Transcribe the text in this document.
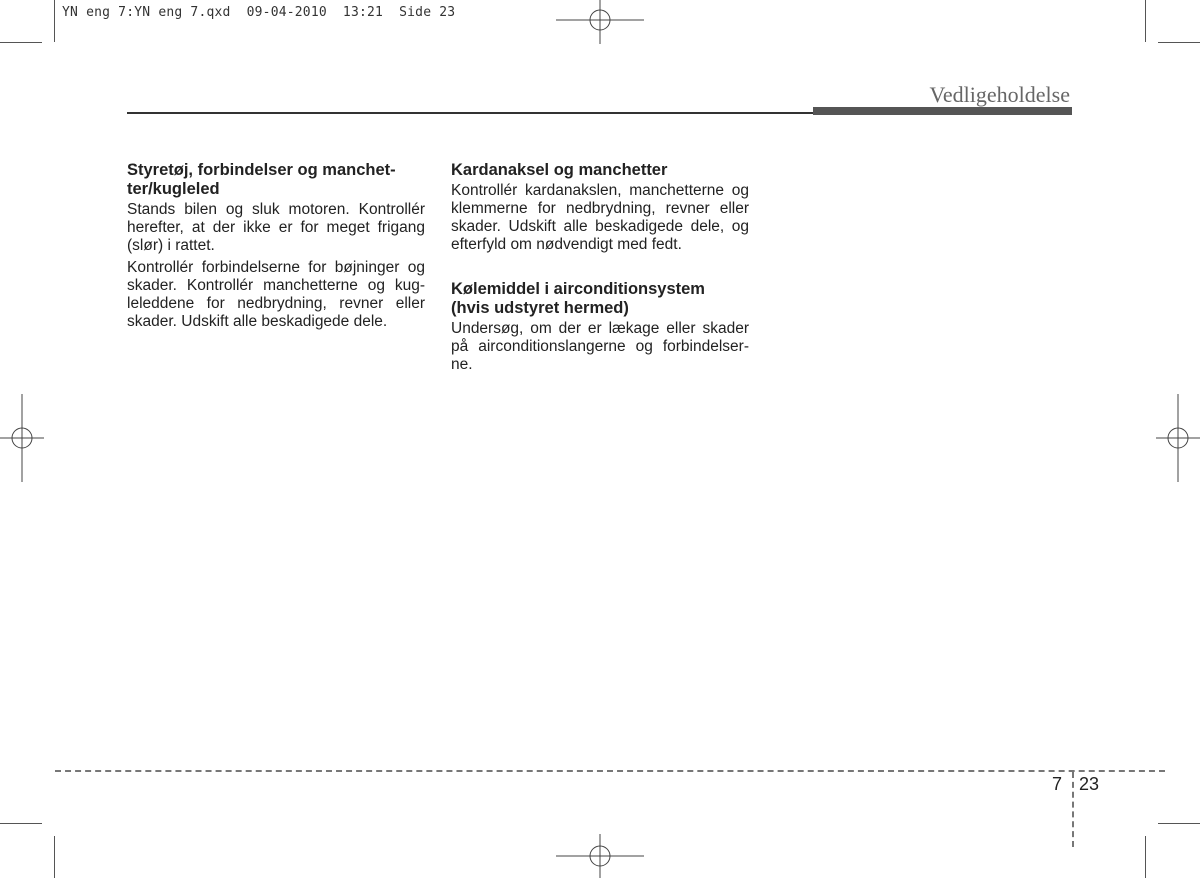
YN eng 7:YN eng 7.qxd  09-04-2010  13:21  Side 23
Vedligeholdelse
Styretøj, forbindelser og manchet-
ter/kugleled

Stands bilen og sluk motoren. Kontrollér herefter, at der ikke er for meget frigang (slør) i rattet.

Kontrollér forbindelserne for bøjninger og skader. Kontrollér manchetterne og kug-leleddene for nedbrydning, revner eller skader. Udskift alle beskadigede dele.

Kardanaksel og manchetter

Kontrollér kardanakslen, manchetterne og klemmerne for nedbrydning, revner eller skader. Udskift alle beskadigede dele, og efterfyld om nødvendigt med fedt.

Kølemiddel i airconditionsystem
(hvis udstyret hermed)

Undersøg, om der er lækage eller skader på airconditionslangerne og forbindelser-ne.

7 23
